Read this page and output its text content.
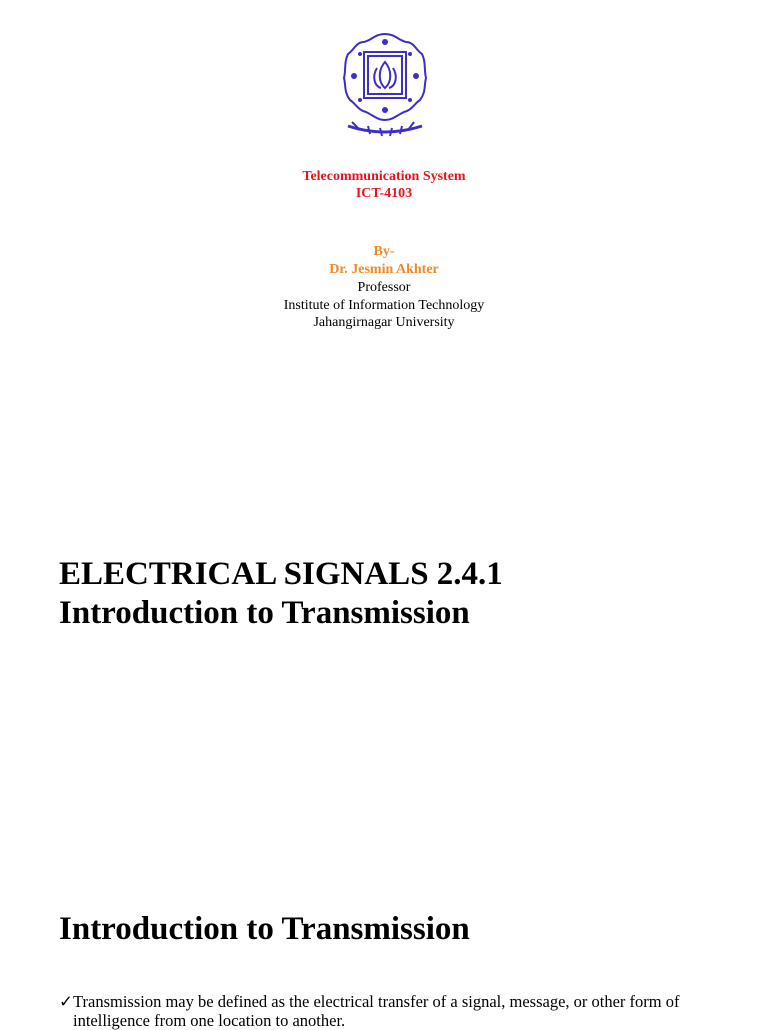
Telecommunication System
ICT-4103
By-
Dr. Jesmin Akhter
Professor
Institute of Information Technology
Jahangirnagar University
ELECTRICAL SIGNALS 2.4.1
Introduction to Transmission
Introduction to Transmission
✓ Transmission may be defined as the electrical transfer of a signal, message, or other form of intelligence from one location to another.
